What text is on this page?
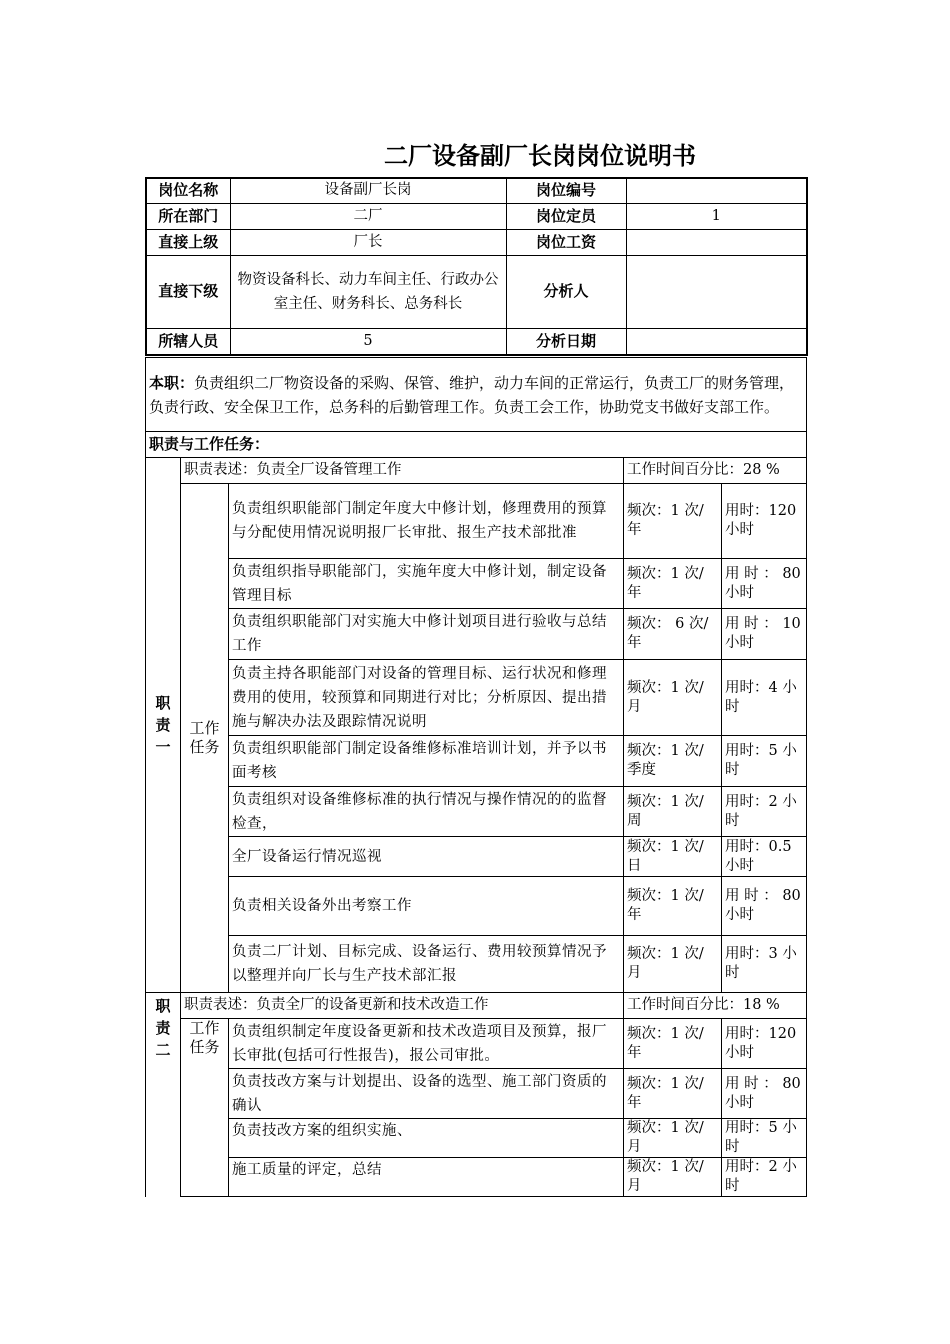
二厂设备副厂长岗岗位说明书
岗位名称	设备副厂长岗	岗位编号	
所在部门	二厂	岗位定员	1
直接上级	厂长	岗位工资	
直接下级	物资设备科长、动力车间主任、行政办公室主任、财务科长、总务科长	分析人	
所辖人员	5	分析日期	
本职：负责组织二厂物资设备的采购、保管、维护，动力车间的正常运行，负责工厂的财务管理，负责行政、安全保卫工作，总务科的后勤管理工作。负责工会工作，协助党支书做好支部工作。				
职责与工作任务：				
职责一	职责表述：负责全厂设备管理工作		工作时间百分比：28 %	
	工作任务	负责组织职能部门制定年度大中修计划，修理费用的预算与分配使用情况说明报厂长审批、报生产技术部批准	频次：1 次/年	用时：120 小时
		负责组织指导职能部门，实施年度大中修计划，制定设备管理目标	频次：1 次/年	用 时 ： 80 小时
		负责组织职能部门对实施大中修计划项目进行验收与总结工作	频次： 6 次/年	用 时 ： 10 小时
		负责主持各职能部门对设备的管理目标、运行状况和修理费用的使用，较预算和同期进行对比；分析原因、提出措施与解决办法及跟踪情况说明	频次：1 次/月	用时：4 小时
		负责组织职能部门制定设备维修标准培训计划，并予以书面考核	频次：1 次/季度	用时：5 小时
		负责组织对设备维修标准的执行情况与操作情况的的监督检查，	频次：1 次/周	用时：2 小时
		全厂设备运行情况巡视	频次：1 次/日	用时：0.5 小时
		负责相关设备外出考察工作	频次：1 次/年	用 时 ： 80 小时
		负责二厂计划、目标完成、设备运行、费用较预算情况予以整理并向厂长与生产技术部汇报	频次：1 次/月	用时：3 小时
职责二	职责表述：负责全厂的设备更新和技术改造工作		工作时间百分比：18 %	
	工作任务	负责组织制定年度设备更新和技术改造项目及预算，报厂长审批(包括可行性报告)，报公司审批。	频次：1 次/年	用时：120 小时
		负责技改方案与计划提出、设备的选型、施工部门资质的确认	频次：1 次/年	用 时 ： 80 小时
		负责技改方案的组织实施、	频次：1 次/月	用时：5 小时
		施工质量的评定，总结	频次：1 次/月	用时：2 小时
